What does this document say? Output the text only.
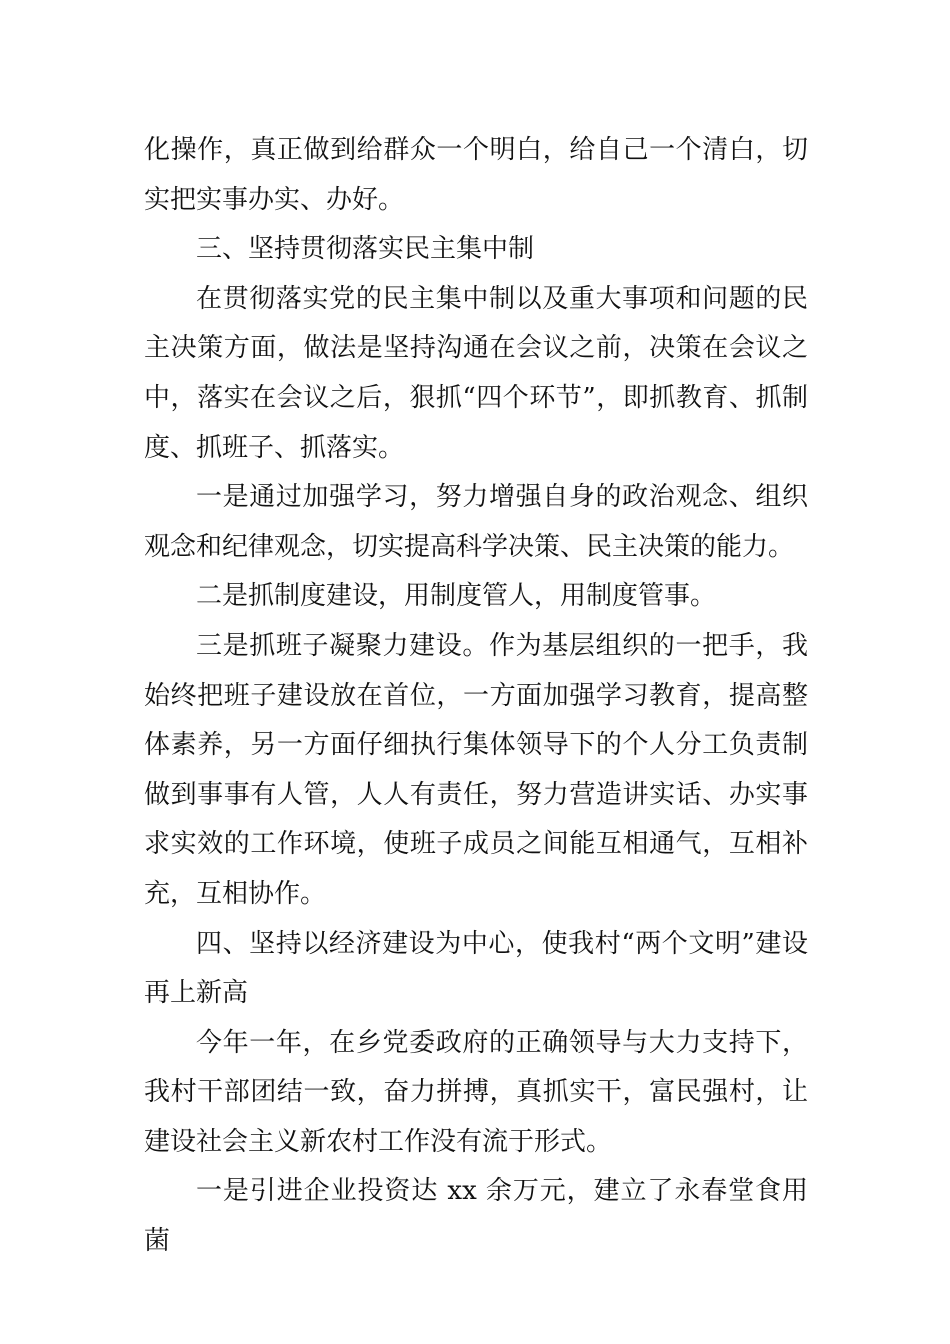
化操作，真正做到给群众一个明白，给自己一个清白，切实把实事办实、办好。

三、坚持贯彻落实民主集中制

在贯彻落实党的民主集中制以及重大事项和问题的民主决策方面，做法是坚持沟通在会议之前，决策在会议之中，落实在会议之后，狠抓“四个环节”，即抓教育、抓制度、抓班子、抓落实。

一是通过加强学习，努力增强自身的政治观念、组织观念和纪律观念，切实提高科学决策、民主决策的能力。

二是抓制度建设，用制度管人，用制度管事。

三是抓班子凝聚力建设。作为基层组织的一把手，我始终把班子建设放在首位，一方面加强学习教育，提高整体素养，另一方面仔细执行集体领导下的个人分工负责制做到事事有人管，人人有责任，努力营造讲实话、办实事求实效的工作环境，使班子成员之间能互相通气，互相补充，互相协作。

四、坚持以经济建设为中心，使我村“两个文明”建设再上新高

今年一年，在乡党委政府的正确领导与大力支持下，我村干部团结一致，奋力拼搏，真抓实干，富民强村，让建设社会主义新农村工作没有流于形式。

一是引进企业投资达 xx 余万元，建立了永春堂食用菌
